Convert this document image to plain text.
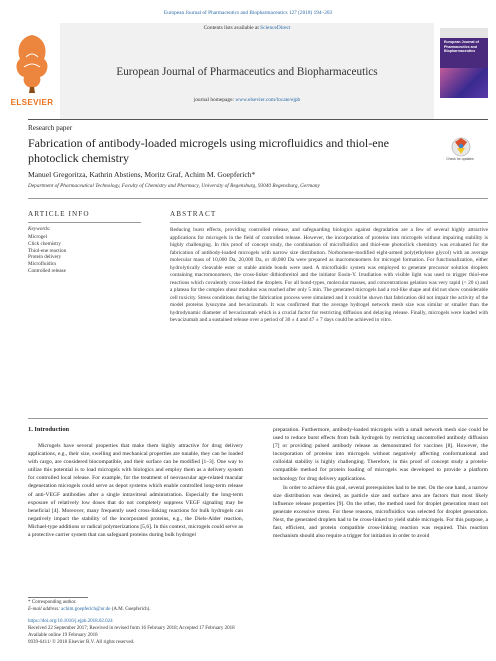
European Journal of Pharmaceutics and Biopharmaceutics 127 (2018) 194–203
Contents lists available at ScienceDirect
ELSEVIER
European Journal of Pharmaceutics and Biopharmaceutics
journal homepage: www.elsevier.com/locate/ejpb
European Journal of Pharmaceutics and Biopharmaceutics
Research paper
Fabrication of antibody-loaded microgels using microfluidics and thiol-ene photoclick chemistry	Check for updates
Manuel Gregoritza, Kathrin Abstiens, Moritz Graf, Achim M. Goepferich*
Department of Pharmaceutical Technology, Faculty of Chemistry and Pharmacy, University of Regensburg, 93040 Regensburg, Germany
ARTICLE INFO	ABSTRACT
Keywords:
Microgel
Click chemistry
Thiol-ene reaction
Protein delivery
Microfluidics
Controlled release
Reducing burst effects, providing controlled release, and safeguarding biologics against degradation are a few of several highly attractive applications for microgels in the field of controlled release. However, the incorporation of proteins into microgels without impairing stability is highly challenging. In this proof of concept study, the combination of microfluidics and thiol-ene photoclick chemistry was evaluated for the fabrication of antibody-loaded microgels with narrow size distribution. Norbornene-modified eight-armed poly(ethylene glycol) with an average molecular mass of 10,000 Da, 20,000 Da, or 40,000 Da were prepared as macromonomers for microgel formation. For functionalization, either hydrolytically cleavable ester or stable amide bonds were used. A microfluidic system was employed to generate precursor solution droplets containing macromonomers, the cross-linker dithiothreitol and the initiator Eosin-Y. Irradiation with visible light was used to trigger thiol-ene reactions which covalently cross-linked the droplets. For all bond-types, molecular masses, and concentrations gelation was very rapid (< 20 s) and a plateau for the complex shear modulus was reached after only 5 min. The generated microgels had a rod-like shape and did not show considerable cell toxicity. Stress conditions during the fabrication process were simulated and it could be shown that fabrication did not impair the activity of the model proteins lysozyme and bevacizumab. It was confirmed that the average hydrogel network mesh size was similar or smaller than the hydrodynamic diameter of bevacizumab which is a crucial factor for restricting diffusion and delaying release. Finally, microgels were loaded with bevacizumab and a sustained release over a period of 30 ± 4 and 47 ± 7 days could be achieved in vitro.
1. Introduction

Microgels have several properties that make them highly attractive for drug delivery applications, e.g., their size, swelling and mechanical properties are tunable, they can be loaded with cargo, are considered biocompatible, and their surface can be modified [1–3]. One way to utilize this potential is to load microgels with biologics and employ them as a delivery system for controlled local release. For example, for the treatment of neovascular age-related macular degeneration microgels could serve as depot systems which enable controlled long-term release of anti-VEGF antibodies after a single intravitreal administration. Especially the long-term exposure of relatively low doses that do not completely suppress VEGF signaling may be beneficial [4]. Moreover, many frequently used cross-linking reactions for bulk hydrogels can negatively impact the stability of the incorporated proteins, e.g., the Diels-Alder reaction, Michael-type additions or radical polymerizations [5,6]. In this context, microgels could serve as a protective carrier system that can safeguard proteins during bulk hydrogel

preparation. Furthermore, antibody-loaded microgels with a small network mesh size could be used to reduce burst effects from bulk hydrogels by restricting uncontrolled antibody diffusion [7] or providing pulsed antibody release as demonstrated for vaccines [8]. However, the incorporation of proteins into microgels without negatively affecting conformational and colloidal stability is highly challenging. Therefore, in this proof of concept study a protein-compatible method for protein loading of microgels was developed to provide a platform technology for drug delivery applications.

In order to achieve this goal, several prerequisites had to be met. On the one hand, a narrow size distribution was desired, as particle size and surface area are factors that most likely influence release properties [9]. On the other, the method used for droplet generation must not generate excessive stress. For these reasons, microfluidics was selected for droplet generation. Next, the generated droplets had to be cross-linked to yield stable microgels. For this purpose, a fast, efficient, and protein compatible cross-linking reaction was required. This reaction mechanism should also require a trigger for initiation in order to avoid

* Corresponding author.
E-mail address: achim.goepferich@ur.de (A.M. Goepferich).
https://doi.org/10.1016/j.ejpb.2018.02.024
Received 22 September 2017; Received in revised form 16 February 2018; Accepted 17 February 2018
Available online 19 February 2018
0939-6411/ © 2018 Elsevier B.V. All rights reserved.
